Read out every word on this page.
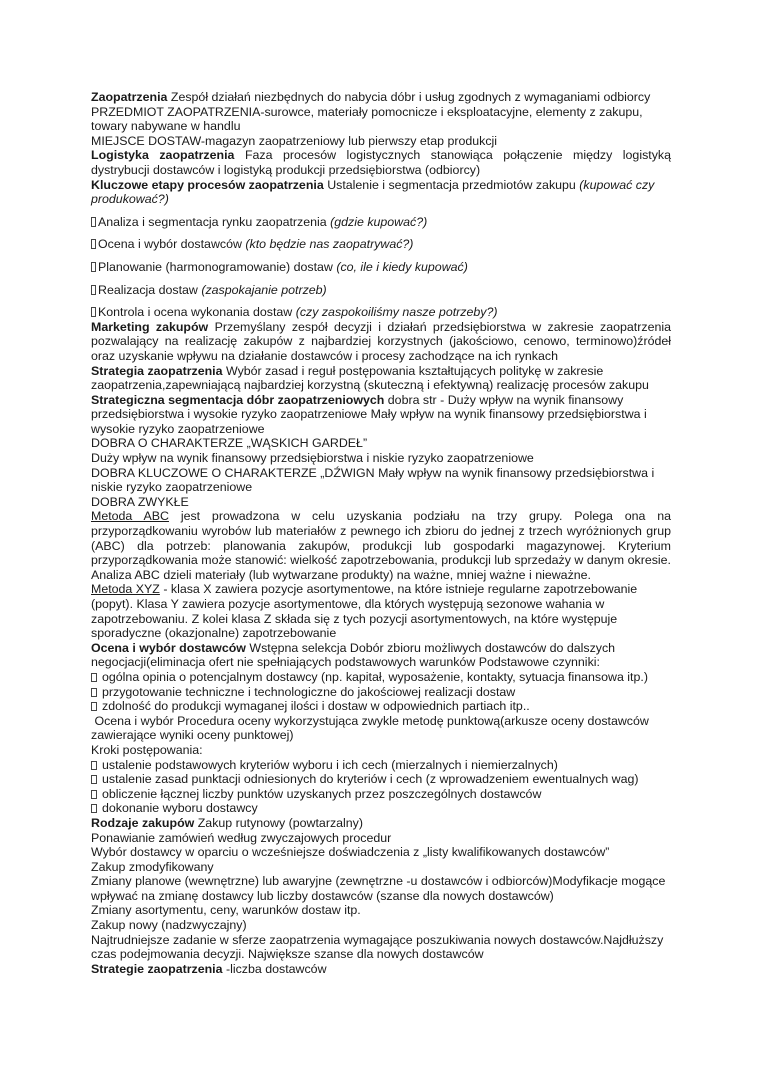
Zaopatrzenia Zespół działań niezbędnych do nabycia dóbr i usług zgodnych z wymaganiami odbiorcy

PRZEDMIOT ZAOPATRZENIA-surowce, materiały pomocnicze i eksploatacyjne, elementy z zakupu, towary nabywane w handlu

MIEJSCE DOSTAW-magazyn zaopatrzeniowy lub pierwszy etap produkcji

Logistyka zaopatrzenia Faza procesów logistycznych stanowiąca połączenie między logistyką dystrybucji dostawców i logistyką produkcji przedsiębiorstwa (odbiorcy)

Kluczowe etapy procesów zaopatrzenia Ustalenie i segmentacja przedmiotów zakupu (kupować czy produkować?)

Analiza i segmentacja rynku zaopatrzenia (gdzie kupować?)

Ocena i wybór dostawców (kto będzie nas zaopatrywać?)

Planowanie (harmonogramowanie) dostaw (co, ile i kiedy kupować)

Realizacja dostaw (zaspokajanie potrzeb)

Kontrola i ocena wykonania dostaw (czy zaspokoiliśmy nasze potrzeby?)

Marketing zakupów Przemyślany zespół decyzji i działań przedsiębiorstwa w zakresie zaopatrzenia pozwalający na realizację zakupów z najbardziej korzystnych (jakościowo, cenowo, terminowo)źródeł oraz uzyskanie wpływu na działanie dostawców i procesy zachodzące na ich rynkach

Strategia zaopatrzenia Wybór zasad i reguł postępowania kształtujących politykę w zakresie zaopatrzenia,zapewniającą najbardziej korzystną (skuteczną i efektywną) realizację procesów zakupu

Strategiczna segmentacja dóbr zaopatrzeniowych dobra str - Duży wpływ na wynik finansowy przedsiębiorstwa i wysokie ryzyko zaopatrzeniowe Mały wpływ na wynik finansowy przedsiębiorstwa i wysokie ryzyko zaopatrzeniowe

DOBRA O CHARAKTERZE „WĄSKICH GARDEŁ”

Duży wpływ na wynik finansowy przedsiębiorstwa i niskie ryzyko zaopatrzeniowe

DOBRA KLUCZOWE O CHARAKTERZE „DŹWIGN Mały wpływ na wynik finansowy przedsiębiorstwa i niskie ryzyko zaopatrzeniowe

DOBRA ZWYKŁE

Metoda ABC jest prowadzona w celu uzyskania podziału na trzy grupy. Polega ona na przyporządkowaniu wyrobów lub materiałów z pewnego ich zbioru do jednej z trzech wyróżnionych grup (ABC) dla potrzeb: planowania zakupów, produkcji lub gospodarki magazynowej. Kryterium przyporządkowania może stanowić: wielkość zapotrzebowania, produkcji lub sprzedaży w danym okresie. Analiza ABC dzieli materiały (lub wytwarzane produkty) na ważne, mniej ważne i nieważne.

Metoda XYZ - klasa X zawiera pozycje asortymentowe, na które istnieje regularne zapotrzebowanie (popyt). Klasa Y zawiera pozycje asortymentowe, dla których występują sezonowe wahania w zapotrzebowaniu. Z kolei klasa Z składa się z tych pozycji asortymentowych, na które występuje sporadyczne (okazjonalne) zapotrzebowanie

Ocena i wybór dostawców Wstępna selekcja Dobór zbioru możliwych dostawców do dalszych negocjacji(eliminacja ofert nie spełniających podstawowych warunków Podstawowe czynniki:

ogólna opinia o potencjalnym dostawcy (np. kapitał, wyposażenie, kontakty, sytuacja finansowa itp.)

przygotowanie techniczne i technologiczne do jakościowej realizacji dostaw

zdolność do produkcji wymaganej ilości i dostaw w odpowiednich partiach itp..

Ocena i wybór Procedura oceny wykorzystująca zwykle metodę punktową(arkusze oceny dostawców zawierające wyniki oceny punktowej)

Kroki postępowania:

ustalenie podstawowych kryteriów wyboru i ich cech (mierzalnych i niemierzalnych)

ustalenie zasad punktacji odniesionych do kryteriów i cech (z wprowadzeniem ewentualnych wag)

obliczenie łącznej liczby punktów uzyskanych przez poszczególnych dostawców

dokonanie wyboru dostawcy

Rodzaje zakupów Zakup rutynowy (powtarzalny)

Ponawianie zamówień według zwyczajowych procedur

Wybór dostawcy w oparciu o wcześniejsze doświadczenia z „listy kwalifikowanych dostawców”

Zakup zmodyfikowany

Zmiany planowe (wewnętrzne) lub awaryjne (zewnętrzne -u dostawców i odbiorców)Modyfikacje mogące wpływać na zmianę dostawcy lub liczby dostawców (szanse dla nowych dostawców)

Zmiany asortymentu, ceny, warunków dostaw itp.

Zakup nowy (nadzwyczajny)

Najtrudniejsze zadanie w sferze zaopatrzenia wymagające poszukiwania nowych dostawców.Najdłuższy czas podejmowania decyzji. Największe szanse dla nowych dostawców

Strategie zaopatrzenia -liczba dostawców
